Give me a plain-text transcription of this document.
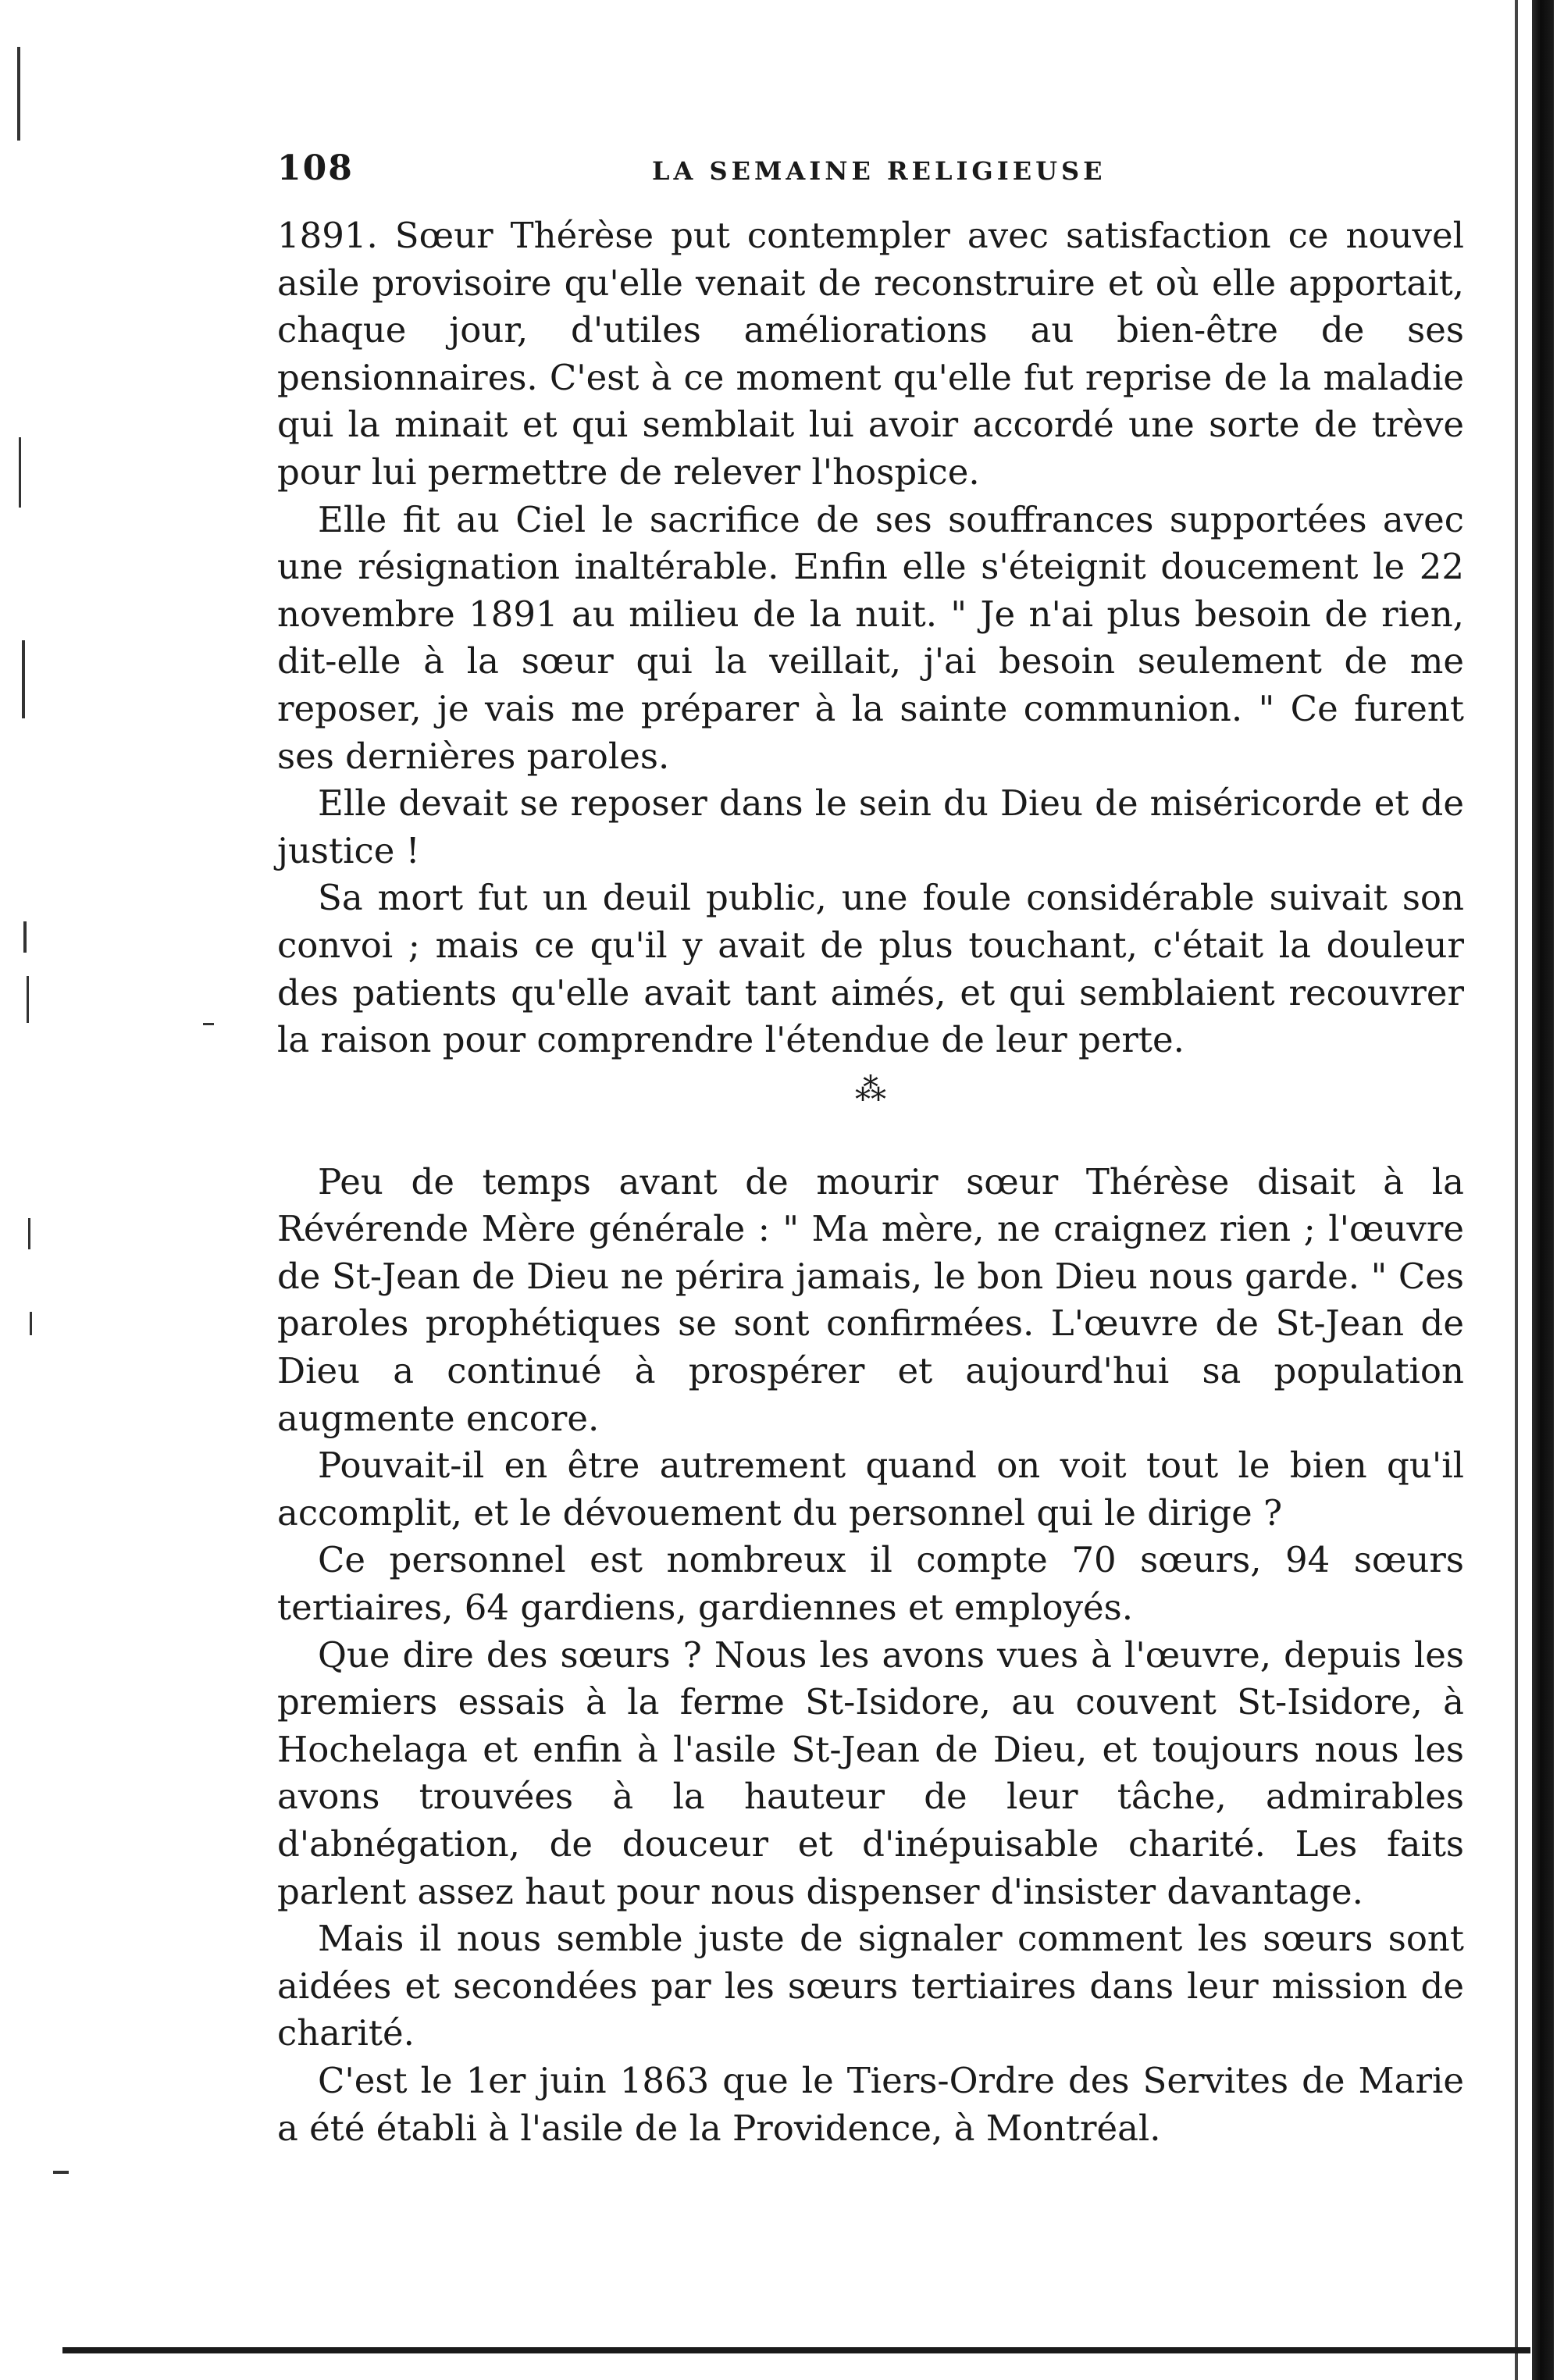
108	LA SEMAINE RELIGIEUSE

1891. Sœur Thérèse put contempler avec satisfaction ce nouvel asile provisoire qu'elle venait de reconstruire et où elle apportait, chaque jour, d'utiles améliorations au bien-être de ses pensionnaires. C'est à ce moment qu'elle fut reprise de la maladie qui la minait et qui semblait lui avoir accordé une sorte de trève pour lui permettre de relever l'hospice.

Elle fit au Ciel le sacrifice de ses souffrances supportées avec une résignation inaltérable. Enfin elle s'éteignit doucement le 22 novembre 1891 au milieu de la nuit. " Je n'ai plus besoin de rien, dit-elle à la sœur qui la veillait, j'ai besoin seulement de me reposer, je vais me préparer à la sainte communion. " Ce furent ses dernières paroles.

Elle devait se reposer dans le sein du Dieu de miséricorde et de justice !

Sa mort fut un deuil public, une foule considérable suivait son convoi ; mais ce qu'il y avait de plus touchant, c'était la douleur des patients qu'elle avait tant aimés, et qui semblaient recouvrer la raison pour comprendre l'étendue de leur perte.

⁂

Peu de temps avant de mourir sœur Thérèse disait à la Révérende Mère générale : " Ma mère, ne craignez rien ; l'œuvre de St-Jean de Dieu ne périra jamais, le bon Dieu nous garde. " Ces paroles prophétiques se sont confirmées. L'œuvre de St-Jean de Dieu a continué à prospérer et aujourd'hui sa population augmente encore.

Pouvait-il en être autrement quand on voit tout le bien qu'il accomplit, et le dévouement du personnel qui le dirige ?

Ce personnel est nombreux il compte 70 sœurs, 94 sœurs tertiaires, 64 gardiens, gardiennes et employés.

Que dire des sœurs ? Nous les avons vues à l'œuvre, depuis les premiers essais à la ferme St-Isidore, au couvent St-Isidore, à Hochelaga et enfin à l'asile St-Jean de Dieu, et toujours nous les avons trouvées à la hauteur de leur tâche, admirables d'abnégation, de douceur et d'inépuisable charité. Les faits parlent assez haut pour nous dispenser d'insister davantage.

Mais il nous semble juste de signaler comment les sœurs sont aidées et secondées par les sœurs tertiaires dans leur mission de charité.

C'est le 1er juin 1863 que le Tiers-Ordre des Servites de Marie a été établi à l'asile de la Providence, à Montréal.
